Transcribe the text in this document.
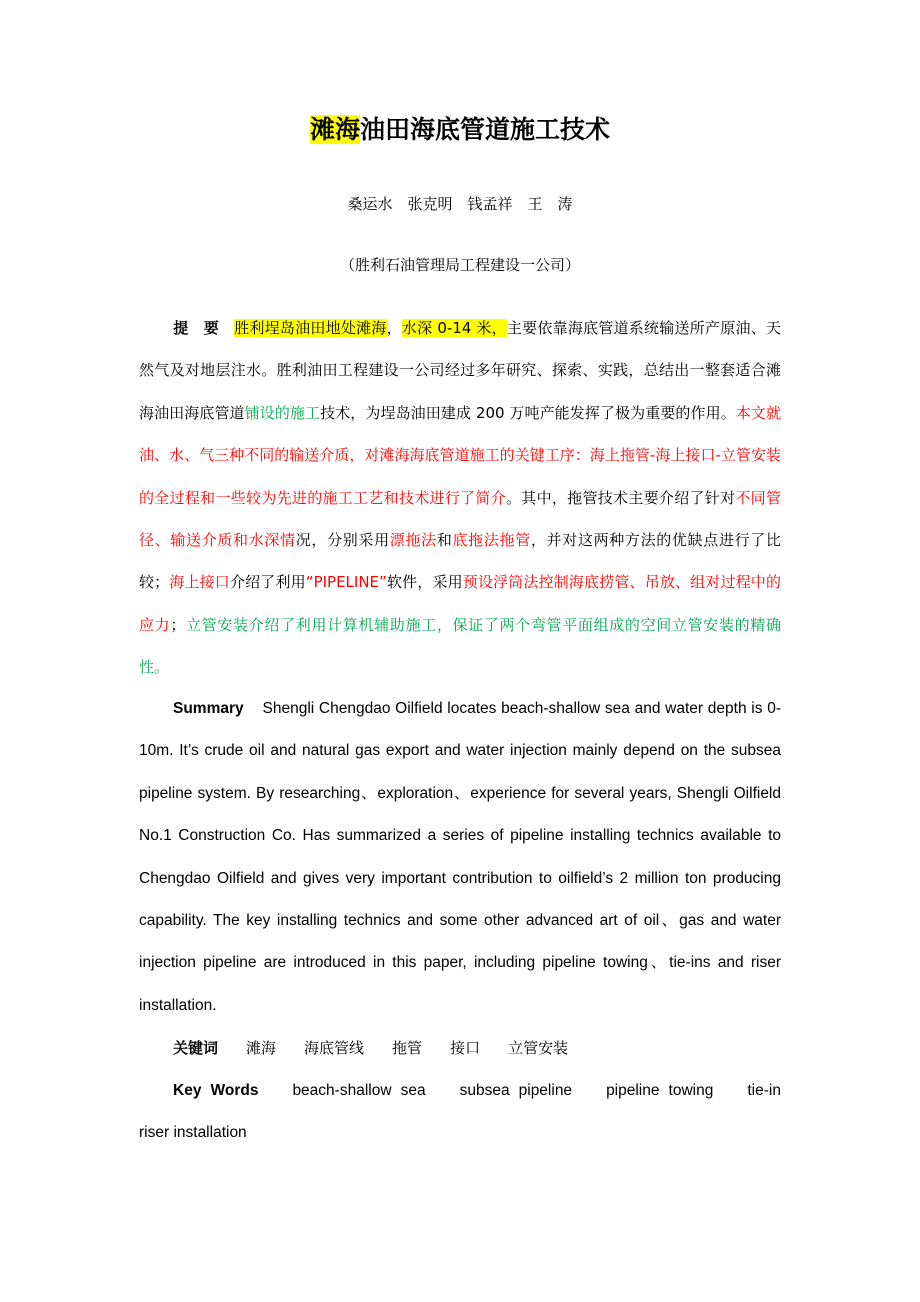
滩海油田海底管道施工技术
桑运水　张克明　钱孟祥　王　涛
（胜利石油管理局工程建设一公司）
提　要　 胜利埕岛油田地处滩海，水深 0-14 米，主要依靠海底管道系统输送所产原油、天然气及对地层注水。胜利油田工程建设一公司经过多年研究、探索、实践，总结出一整套适合滩海油田海底管道铺设的施工技术，为埕岛油田建成 200 万吨产能发挥了极为重要的作用。本文就油、水、气三种不同的输送介质，对滩海海底管道施工的关键工序：海上拖管-海上接口-立管安装的全过程和一些较为先进的施工工艺和技术进行了简介。其中，拖管技术主要介绍了针对不同管径、输送介质和水深情况，分别采用漂拖法和底拖法拖管，并对这两种方法的优缺点进行了比较；海上接口介绍了利用“PIPELINE”软件，采用预设浮筒法控制海底捞管、吊放、组对过程中的应力；立管安装介绍了利用计算机辅助施工，保证了两个弯管平面组成的空间立管安装的精确性。
Summary Shengli Chengdao Oilfield locates beach-shallow sea and water depth is 0-10m. It’s crude oil and natural gas export and water injection mainly depend on the subsea pipeline system. By researching、exploration、experience for several years, Shengli Oilfield No.1 Construction Co. Has summarized a series of pipeline installing technics available to Chengdao Oilfield and gives very important contribution to oilfield’s 2 million ton producing capability. The key installing technics and some other advanced art of oil、gas and water injection pipeline are introduced in this paper, including pipeline towing、tie-ins and riser installation.
关键词 滩海 海底管线 拖管 接口 立管安装
Key Words beach-shallow sea subsea pipeline pipeline towing tie-in riser installation
